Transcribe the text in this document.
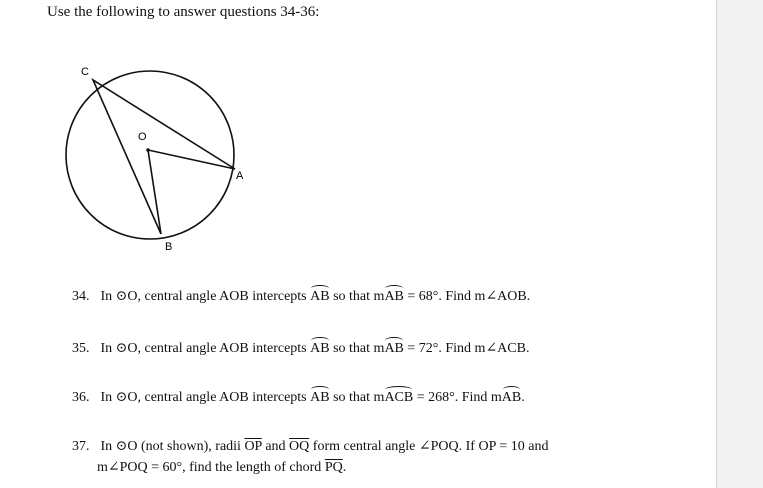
Use the following to answer questions 34-36:

C
O
A
B

34. In ⊙O, central angle AOB intercepts AB so that mAB = 68°. Find m∠AOB.

35. In ⊙O, central angle AOB intercepts AB so that mAB = 72°. Find m∠ACB.

36. In ⊙O, central angle AOB intercepts AB so that mACB = 268°. Find mAB.

37. In ⊙O (not shown), radii $\overline{OP}$ and $\overline{OQ}$ form central angle ∠POQ. If OP = 10 and
m∠POQ = 60°, find the length of chord $\overline{PQ}$.
